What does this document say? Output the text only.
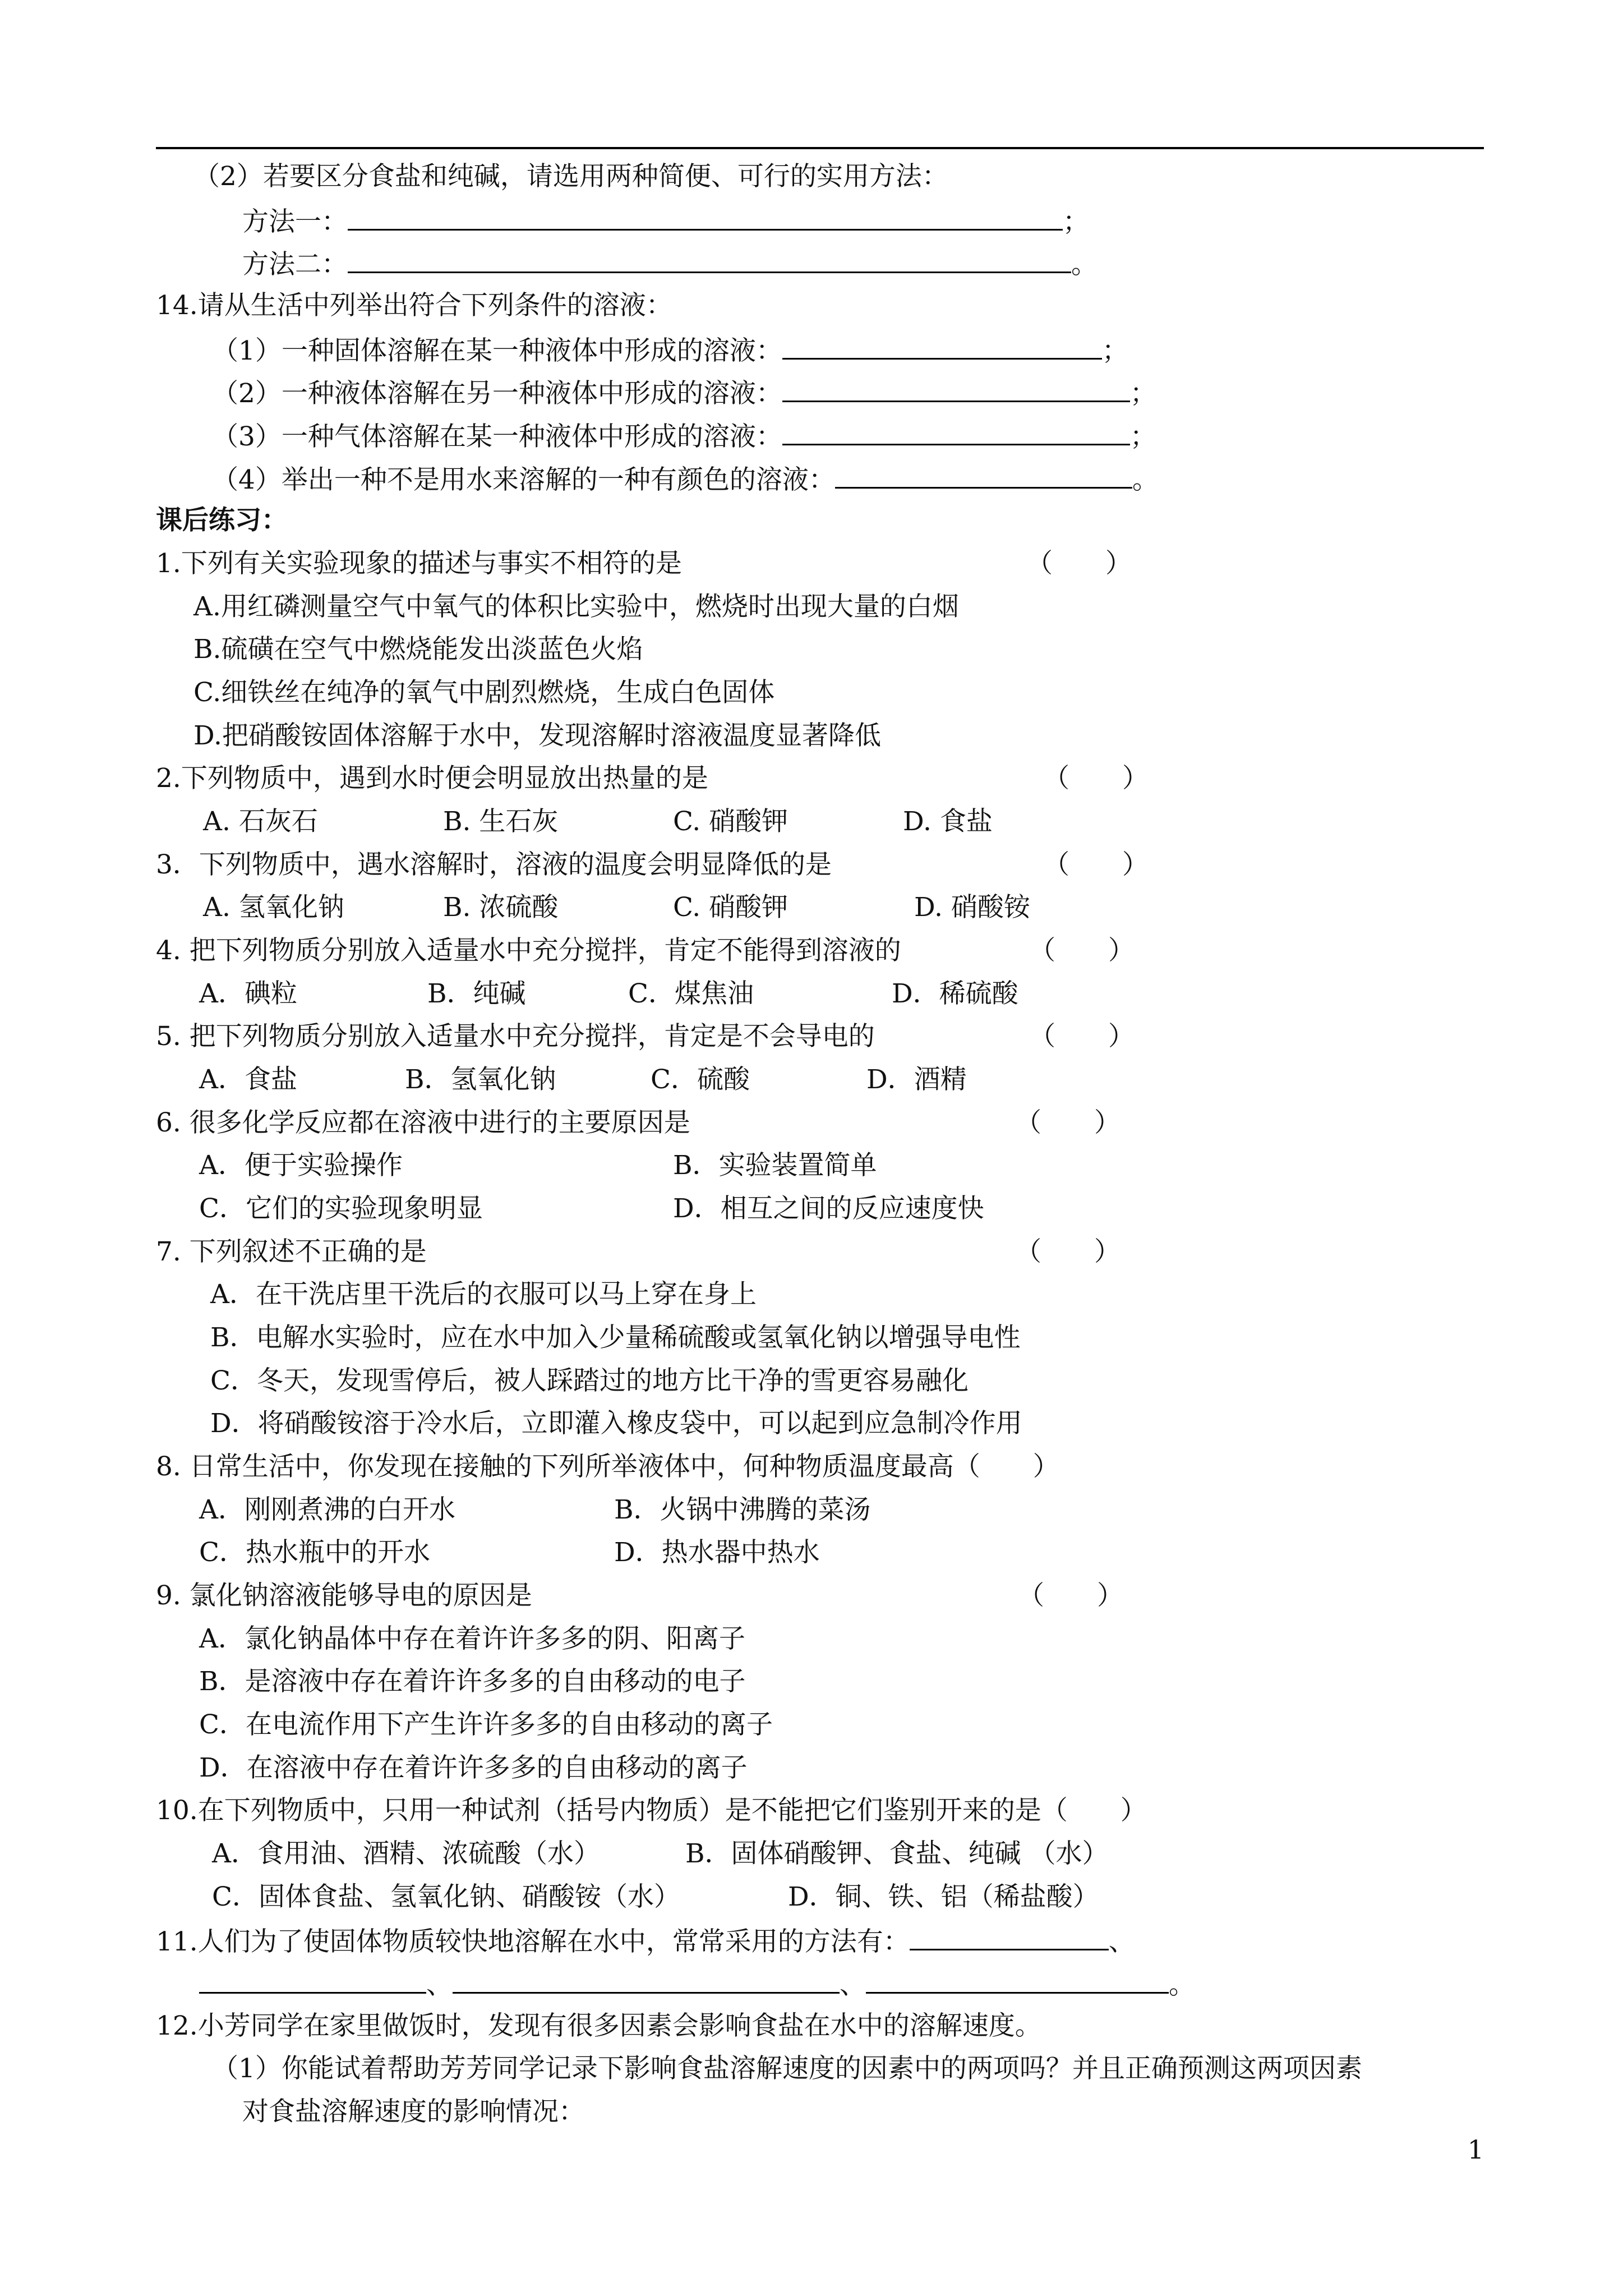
（2）若要区分食盐和纯碱，请选用两种简便、可行的实用方法：
方法一：	；
方法二：	。
14.请从生活中列举出符合下列条件的溶液：
（1）一种固体溶解在某一种液体中形成的溶液：	；
（2）一种液体溶解在另一种液体中形成的溶液：	；
（3）一种气体溶解在某一种液体中形成的溶液：	；
（4）举出一种不是用水来溶解的一种有颜色的溶液：	。
课后练习：
1.下列有关实验现象的描述与事实不相符的是	（　　）
A.用红磷测量空气中氧气的体积比实验中，燃烧时出现大量的白烟
B.硫磺在空气中燃烧能发出淡蓝色火焰
C.细铁丝在纯净的氧气中剧烈燃烧，生成白色固体
D.把硝酸铵固体溶解于水中，发现溶解时溶液温度显著降低
2.下列物质中，遇到水时便会明显放出热量的是	（　　）
A. 石灰石	B. 生石灰	C. 硝酸钾	D. 食盐
3．下列物质中，遇水溶解时，溶液的温度会明显降低的是	（　　）
A. 氢氧化钠	B. 浓硫酸	C. 硝酸钾	D. 硝酸铵
4. 把下列物质分别放入适量水中充分搅拌，肯定不能得到溶液的	（　　）
A．碘粒	B．纯碱	C．煤焦油	D．稀硫酸
5. 把下列物质分别放入适量水中充分搅拌，肯定是不会导电的	（　　）
A．食盐	B．氢氧化钠	C．硫酸	D．酒精
6. 很多化学反应都在溶液中进行的主要原因是	（　　）
A．便于实验操作	B．实验装置简单
C．它们的实验现象明显	D．相互之间的反应速度快
7. 下列叙述不正确的是	（　　）
A．在干洗店里干洗后的衣服可以马上穿在身上
B．电解水实验时，应在水中加入少量稀硫酸或氢氧化钠以增强导电性
C．冬天，发现雪停后，被人踩踏过的地方比干净的雪更容易融化
D．将硝酸铵溶于冷水后，立即灌入橡皮袋中，可以起到应急制冷作用
8. 日常生活中，你发现在接触的下列所举液体中，何种物质温度最高（　　）
A．刚刚煮沸的白开水	B．火锅中沸腾的菜汤
C．热水瓶中的开水	D．热水器中热水
9. 氯化钠溶液能够导电的原因是	（　　）
A．氯化钠晶体中存在着许许多多的阴、阳离子
B．是溶液中存在着许许多多的自由移动的电子
C．在电流作用下产生许许多多的自由移动的离子
D．在溶液中存在着许许多多的自由移动的离子
10.在下列物质中，只用一种试剂（括号内物质）是不能把它们鉴别开来的是（　　）
A．食用油、酒精、浓硫酸（水）	B．固体硝酸钾、食盐、纯碱 （水）
C．固体食盐、氢氧化钠、硝酸铵（水）	D．铜、铁、铝（稀盐酸）
11.人们为了使固体物质较快地溶解在水中，常常采用的方法有：	、
、	、	。
12.小芳同学在家里做饭时，发现有很多因素会影响食盐在水中的溶解速度。
（1）你能试着帮助芳芳同学记录下影响食盐溶解速度的因素中的两项吗？并且正确预测这两项因素
对食盐溶解速度的影响情况：
1
